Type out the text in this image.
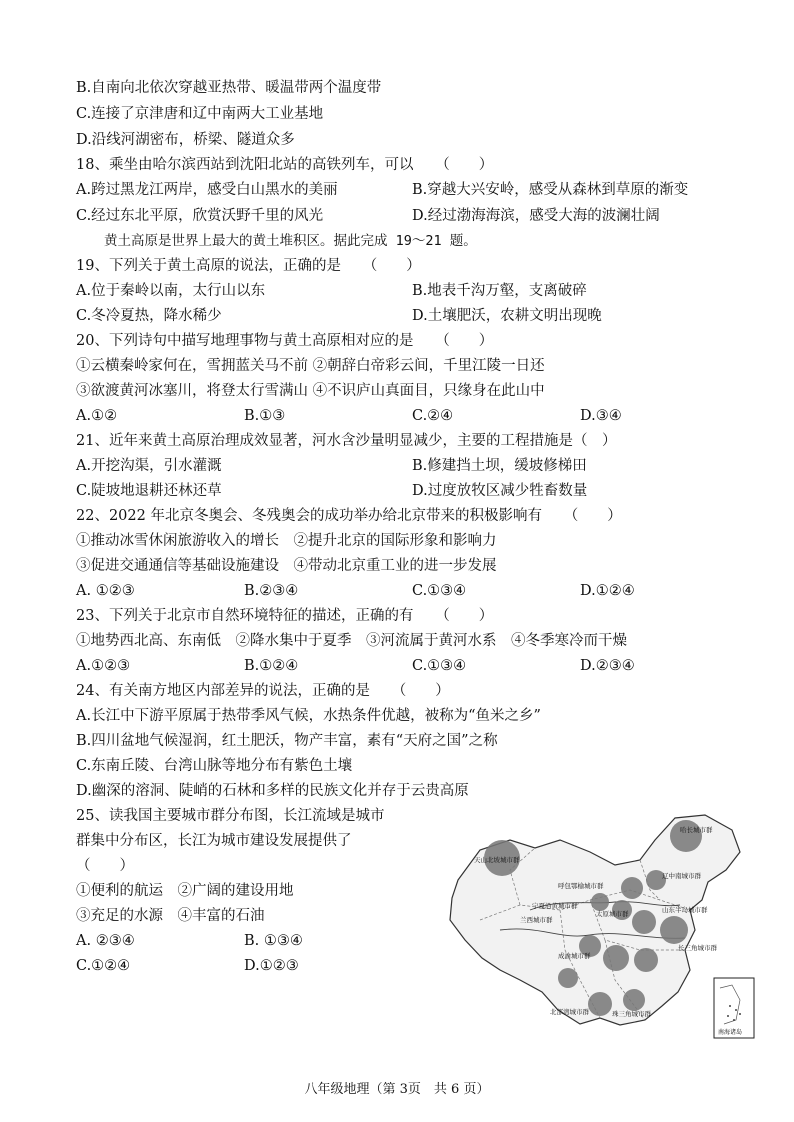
B.自南向北依次穿越亚热带、暖温带两个温度带
C.连接了京津唐和辽中南两大工业基地
D.沿线河湖密布，桥梁、隧道众多
18、乘坐由哈尔滨西站到沈阳北站的高铁列车，可以　　（　　）
A.跨过黑龙江两岸，感受白山黑水的美丽	B.穿越大兴安岭，感受从森林到草原的渐变
C.经过东北平原，欣赏沃野千里的风光	D.经过渤海海滨，感受大海的波澜壮阔
黄土高原是世界上最大的黄土堆积区。据此完成 19～21 题。
19、下列关于黄土高原的说法，正确的是　　（　　）
A.位于秦岭以南，太行山以东	B.地表千沟万壑，支离破碎
C.冬冷夏热，降水稀少	D.土壤肥沃，农耕文明出现晚
20、下列诗句中描写地理事物与黄土高原相对应的是　　（　　）
①云横秦岭家何在，雪拥蓝关马不前 ②朝辞白帝彩云间，千里江陵一日还
③欲渡黄河冰塞川，将登太行雪满山 ④不识庐山真面目，只缘身在此山中
A.①②	B.①③	C.②④	D.③④
21、近年来黄土高原治理成效显著，河水含沙量明显减少，主要的工程措施是（　）
A.开挖沟渠，引水灌溉	B.修建挡土坝，缓坡修梯田
C.陡坡地退耕还林还草	D.过度放牧区减少牲畜数量
22、2022 年北京冬奥会、冬残奥会的成功举办给北京带来的积极影响有　　（　　）
①推动冰雪休闲旅游收入的增长　②提升北京的国际形象和影响力
③促进交通通信等基础设施建设　④带动北京重工业的进一步发展
A. ①②③	B.②③④	C.①③④	D.①②④
23、下列关于北京市自然环境特征的描述，正确的有　　（　　）
①地势西北高、东南低　②降水集中于夏季　③河流属于黄河水系　④冬季寒冷而干燥
A.①②③	B.①②④	C.①③④	D.②③④
24、有关南方地区内部差异的说法，正确的是　　（　　）
A.长江中下游平原属于热带季风气候，水热条件优越，被称为“鱼米之乡”
B.四川盆地气候湿润，红土肥沃，物产丰富，素有“天府之国”之称
C.东南丘陵、台湾山脉等地分布有紫色土壤
D.幽深的溶洞、陡峭的石林和多样的民族文化并存于云贵高原
25、读我国主要城市群分布图，长江流域是城市
群集中分布区，长江为城市建设发展提供了
（　　）
①便利的航运　②广阔的建设用地
③充足的水源　④丰富的石油
A. ②③④	B. ①③④
C.①②④	D.①②③
哈长城市群
天山北坡城市群
呼包鄂榆城市群
辽中南城市群
宁夏沿黄城市群
兰西城市群
太原城市群	山东半岛城市群
长三角城市群
成渝城市群
北部湾城市群	珠三角城市群
南海诸岛
八年级地理（第 3页　共 6 页）
